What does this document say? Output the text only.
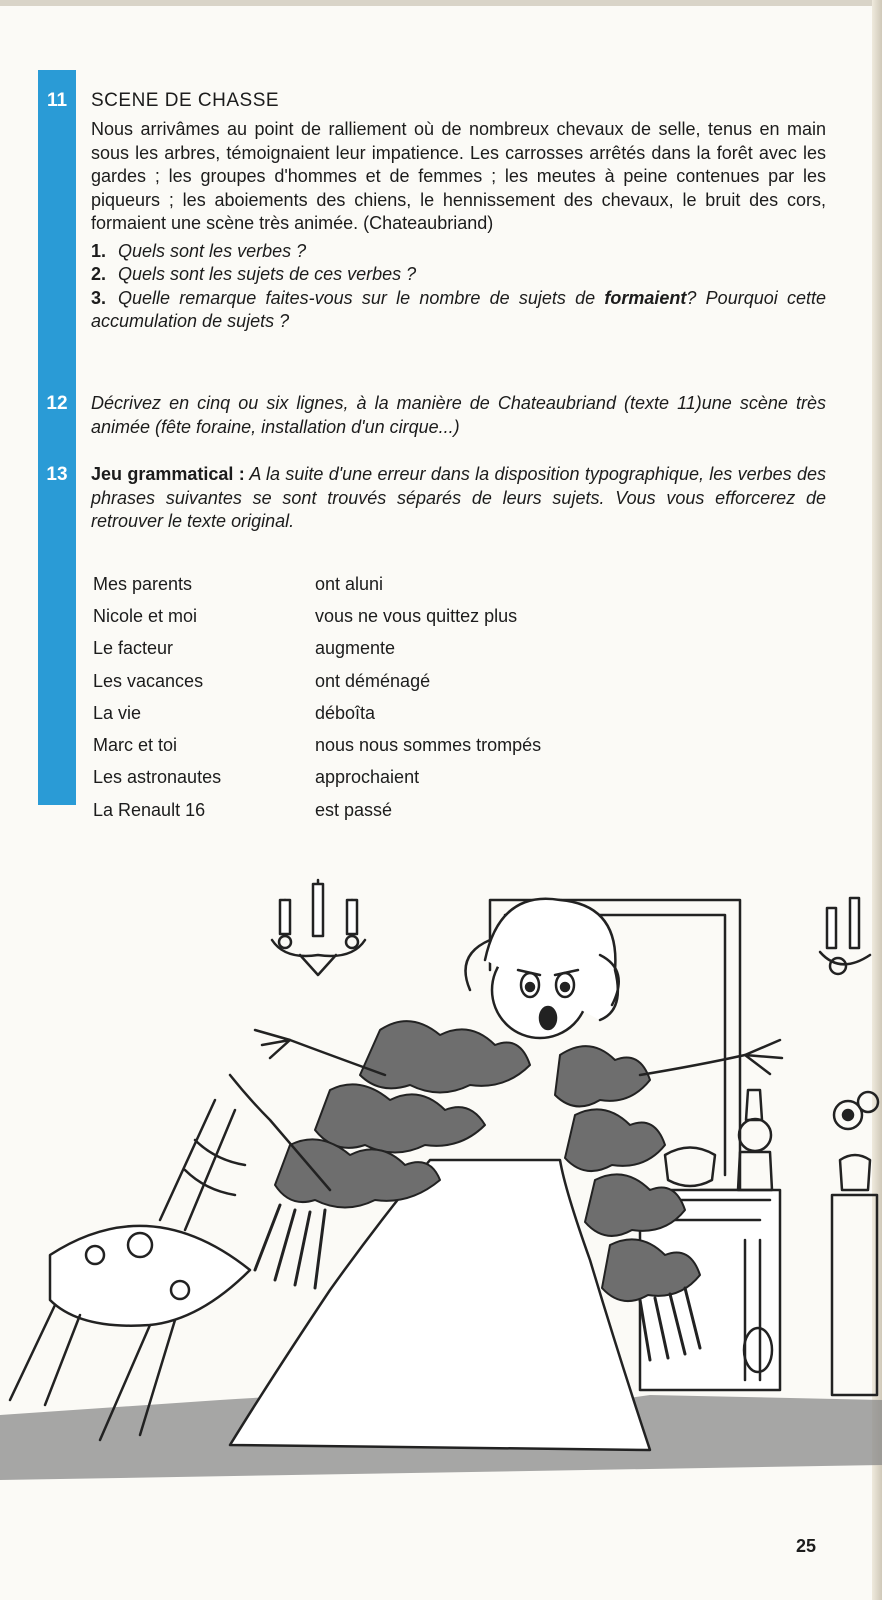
11
12
13
SCENE DE CHASSE

Nous arrivâmes au point de ralliement où de nombreux chevaux de selle, tenus en main sous les arbres, témoignaient leur impatience. Les carrosses arrêtés dans la forêt avec les gardes ; les groupes d'hommes et de femmes ; les meutes à peine contenues par les piqueurs ; les aboiements des chiens, le hennissement des chevaux, le bruit des cors, formaient une scène très animée. (Chateaubriand)

1. Quels sont les verbes ?
2. Quels sont les sujets de ces verbes ?
3. Quelle remarque faites-vous sur le nombre de sujets de formaient? Pourquoi cette accumulation de sujets ?
Décrivez en cinq ou six lignes, à la manière de Chateaubriand (texte 11)une scène très animée (fête foraine, installation d'un cirque...)
Jeu grammatical : A la suite d'une erreur dans la disposition typographique, les verbes des phrases suivantes se sont trouvés séparés de leurs sujets. Vous vous efforcerez de retrouver le texte original.
Mes parents	ont aluni
Nicole et moi	vous ne vous quittez plus
Le facteur	augmente
Les vacances	ont déménagé
La vie	déboîta
Marc et toi	nous nous sommes trompés
Les astronautes	approchaient
La Renault 16	est passé
25
